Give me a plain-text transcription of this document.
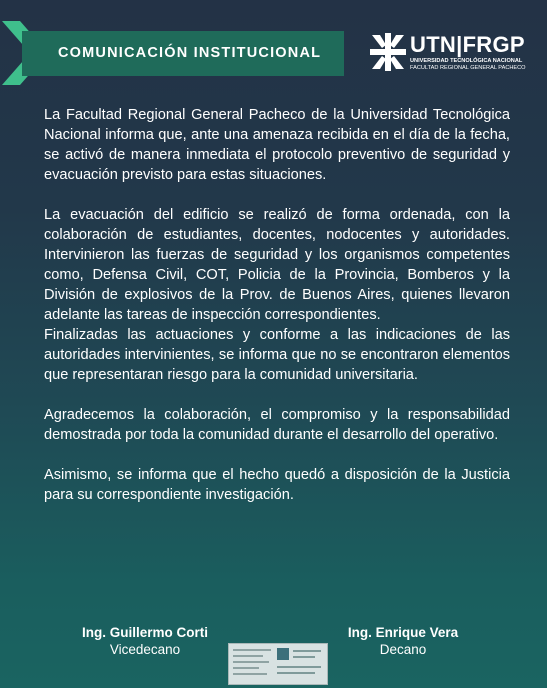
COMUNICACIÓN INSTITUCIONAL	UTN|FRGP
UNIVERSIDAD TECNOLÓGICA NACIONAL
FACULTAD REGIONAL GENERAL PACHECO

La Facultad Regional General Pacheco de la Universidad Tecnológica Nacional informa que, ante una amenaza recibida en el día de la fecha, se activó de manera inmediata el protocolo preventivo de seguridad y evacuación previsto para estas situaciones.

La evacuación del edificio se realizó de forma ordenada, con la colaboración de estudiantes, docentes, nodocentes y autoridades. Intervinieron las fuerzas de seguridad y los organismos competentes como, Defensa Civil, COT, Policia de la Provincia, Bomberos y la División de explosivos de la Prov. de Buenos Aires, quienes llevaron adelante las tareas de inspección correspondientes.

Finalizadas las actuaciones y conforme a las indicaciones de las autoridades intervinientes, se informa que no se encontraron elementos que representaran riesgo para la comunidad universitaria.

Agradecemos la colaboración, el compromiso y la responsabilidad demostrada por toda la comunidad durante el desarrollo del operativo.

Asimismo, se informa que el hecho quedó a disposición de la Justicia para su correspondiente investigación.

Ing. Guillermo Corti
Vicedecano
Ing. Enrique Vera
Decano
